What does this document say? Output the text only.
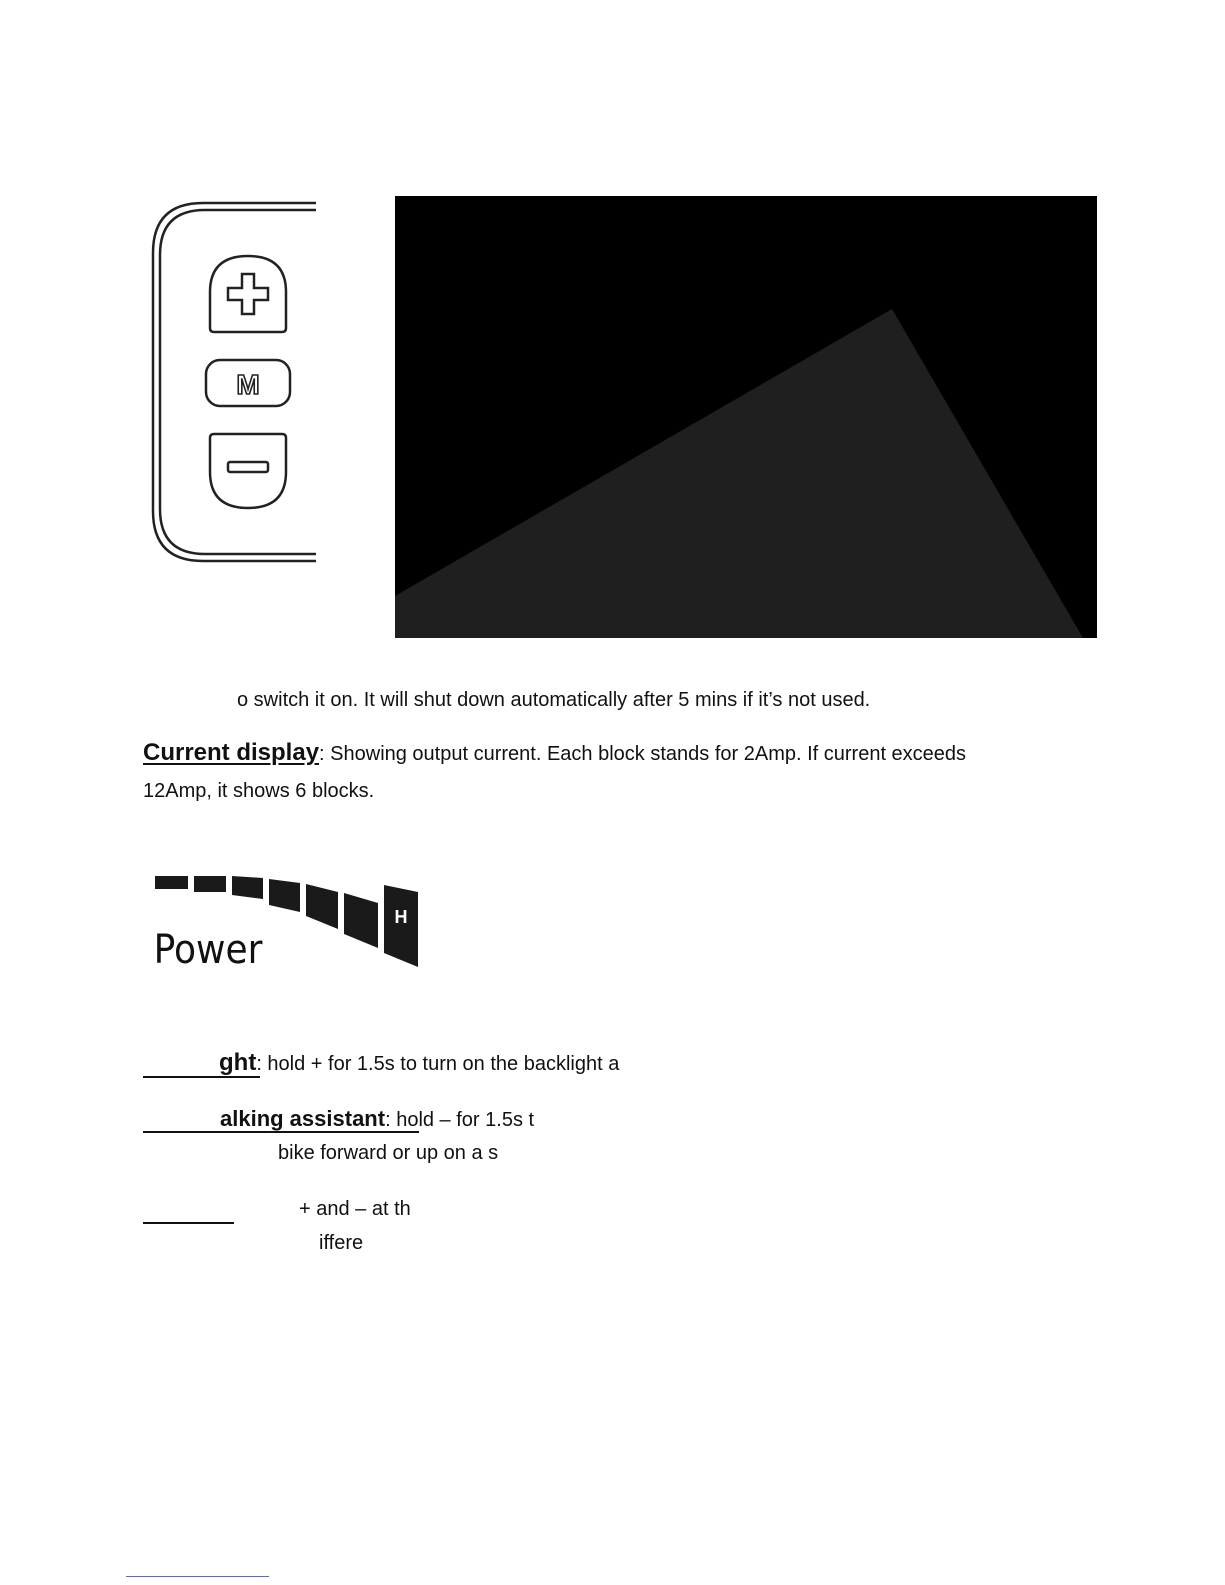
M
o switch it on. It will shut down automatically after 5 mins if it’s not used.
Current display: Showing output current. Each block stands for 2Amp. If current exceeds
12Amp, it shows 6 blocks.
H
Power
ght: hold + for 1.5s to turn on the backlight a
alking assistant: hold – for 1.5s t
bike forward or up on a s
+ and – at th
iffere
